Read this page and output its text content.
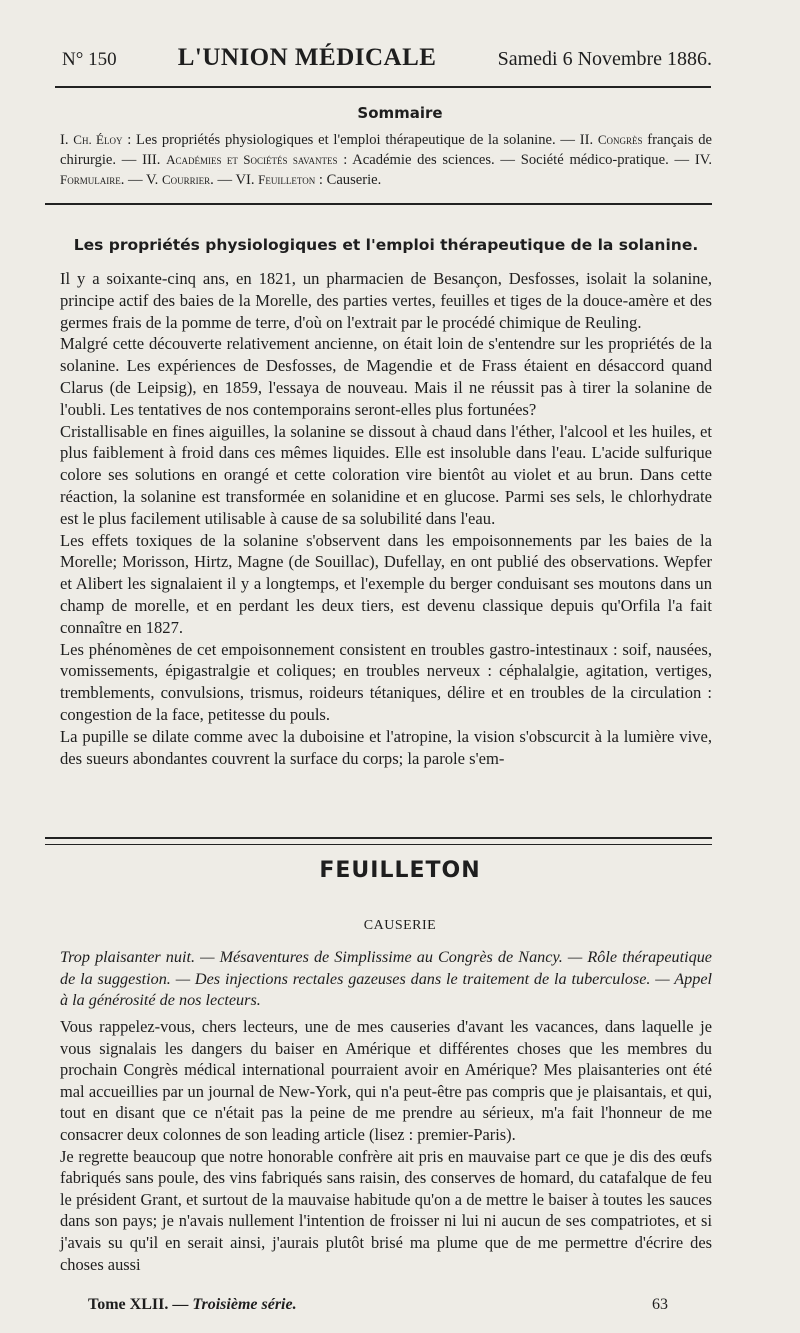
N° 150 L'UNION MÉDICALE	Samedi 6 Novembre 1886.
Sommaire
I. Ch. Éloy : Les propriétés physiologiques et l'emploi thérapeutique de la solanine. — II. Congrès français de chirurgie. — III. Académies et Sociétés savantes : Académie des sciences. — Société médico-pratique. — IV. Formulaire. — V. Courrier. — VI. Feuilleton : Causerie.
Les propriétés physiologiques et l'emploi thérapeutique de la solanine.

Il y a soixante-cinq ans, en 1821, un pharmacien de Besançon, Desfosses, isolait la solanine, principe actif des baies de la Morelle, des parties vertes, feuilles et tiges de la douce-amère et des germes frais de la pomme de terre, d'où on l'extrait par le procédé chimique de Reuling.

Malgré cette découverte relativement ancienne, on était loin de s'entendre sur les propriétés de la solanine. Les expériences de Desfosses, de Magendie et de Frass étaient en désaccord quand Clarus (de Leipsig), en 1859, l'essaya de nouveau. Mais il ne réussit pas à tirer la solanine de l'oubli. Les tentatives de nos contemporains seront-elles plus fortunées?

Cristallisable en fines aiguilles, la solanine se dissout à chaud dans l'éther, l'alcool et les huiles, et plus faiblement à froid dans ces mêmes liquides. Elle est insoluble dans l'eau. L'acide sulfurique colore ses solutions en orangé et cette coloration vire bientôt au violet et au brun. Dans cette réaction, la solanine est transformée en solanidine et en glucose. Parmi ses sels, le chlorhydrate est le plus facilement utilisable à cause de sa solubilité dans l'eau.

Les effets toxiques de la solanine s'observent dans les empoisonnements par les baies de la Morelle; Morisson, Hirtz, Magne (de Souillac), Dufellay, en ont publié des observations. Wepfer et Alibert les signalaient il y a longtemps, et l'exemple du berger conduisant ses moutons dans un champ de morelle, et en perdant les deux tiers, est devenu classique depuis qu'Orfila l'a fait connaître en 1827.

Les phénomènes de cet empoisonnement consistent en troubles gastro-intestinaux : soif, nausées, vomissements, épigastralgie et coliques; en troubles nerveux : céphalalgie, agitation, vertiges, tremblements, convulsions, trismus, roideurs tétaniques, délire et en troubles de la circulation : congestion de la face, petitesse du pouls.

La pupille se dilate comme avec la duboisine et l'atropine, la vision s'obscurcit à la lumière vive, des sueurs abondantes couvrent la surface du corps; la parole s'em-

FEUILLETON
CAUSERIE
Trop plaisanter nuit. — Mésaventures de Simplissime au Congrès de Nancy. — Rôle thérapeutique de la suggestion. — Des injections rectales gazeuses dans le traitement de la tuberculose. — Appel à la générosité de nos lecteurs.

Vous rappelez-vous, chers lecteurs, une de mes causeries d'avant les vacances, dans laquelle je vous signalais les dangers du baiser en Amérique et différentes choses que les membres du prochain Congrès médical international pourraient avoir en Amérique? Mes plaisanteries ont été mal accueillies par un journal de New-York, qui n'a peut-être pas compris que je plaisantais, et qui, tout en disant que ce n'était pas la peine de me prendre au sérieux, m'a fait l'honneur de me consacrer deux colonnes de son leading article (lisez : premier-Paris).

Je regrette beaucoup que notre honorable confrère ait pris en mauvaise part ce que je dis des œufs fabriqués sans poule, des vins fabriqués sans raisin, des conserves de homard, du catafalque de feu le président Grant, et surtout de la mauvaise habitude qu'on a de mettre le baiser à toutes les sauces dans son pays; je n'avais nullement l'intention de froisser ni lui ni aucun de ses compatriotes, et si j'avais su qu'il en serait ainsi, j'aurais plutôt brisé ma plume que de me permettre d'écrire des choses aussi

Tome XLII. — Troisième série.	63
